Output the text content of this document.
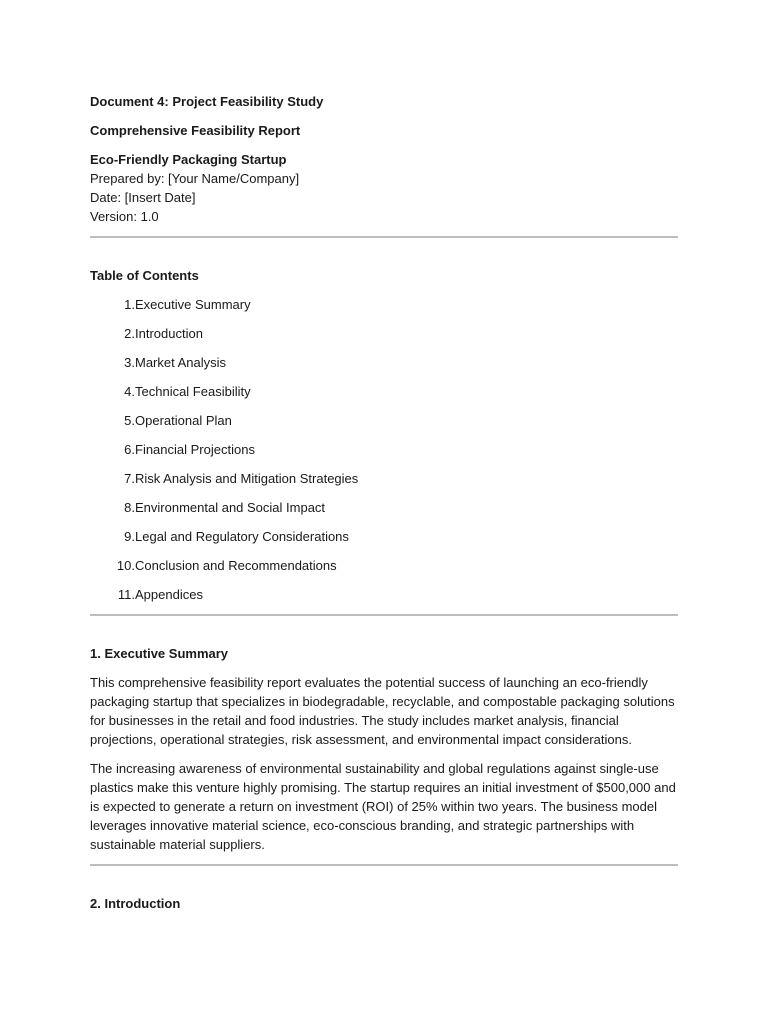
Document 4: Project Feasibility Study
Comprehensive Feasibility Report
Eco-Friendly Packaging Startup
Prepared by: [Your Name/Company]
Date: [Insert Date]
Version: 1.0
Table of Contents
1. Executive Summary
2. Introduction
3. Market Analysis
4. Technical Feasibility
5. Operational Plan
6. Financial Projections
7. Risk Analysis and Mitigation Strategies
8. Environmental and Social Impact
9. Legal and Regulatory Considerations
10. Conclusion and Recommendations
11. Appendices
1. Executive Summary

This comprehensive feasibility report evaluates the potential success of launching an eco-friendly packaging startup that specializes in biodegradable, recyclable, and compostable packaging solutions for businesses in the retail and food industries. The study includes market analysis, financial projections, operational strategies, risk assessment, and environmental impact considerations.

The increasing awareness of environmental sustainability and global regulations against single-use plastics make this venture highly promising. The startup requires an initial investment of $500,000 and is expected to generate a return on investment (ROI) of 25% within two years. The business model leverages innovative material science, eco-conscious branding, and strategic partnerships with sustainable material suppliers.

2. Introduction
